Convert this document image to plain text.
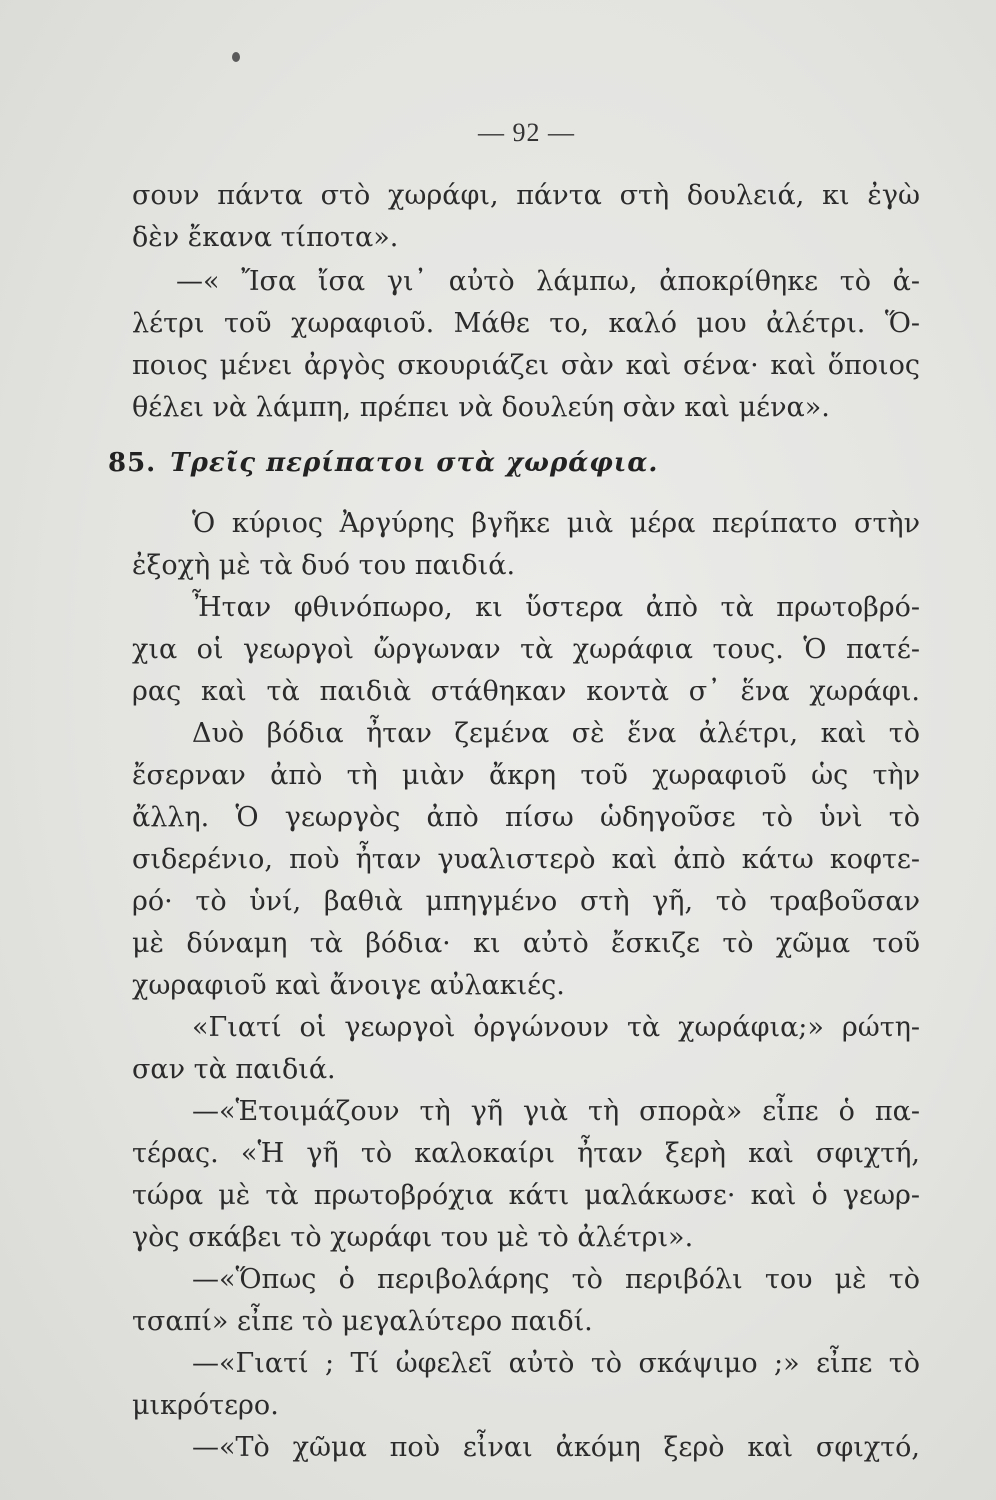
— 92 —
σουν πάντα στὸ χωράφι, πάντα στὴ δουλειά, κι ἐγὼ
δὲν ἔκανα τίποτα».
—« Ἴσα ἴσα γι᾽ αὐτὸ λάμπω, ἀποκρίθηκε τὸ ἀ-
λέτρι τοῦ χωραφιοῦ. Μάθε το, καλό μου ἀλέτρι. Ὅ-
ποιος μένει ἀργὸς σκουριάζει σὰν καὶ σένα· καὶ ὅποιος
θέλει νὰ λάμπη, πρέπει νὰ δουλεύη σὰν καὶ μένα».
85. Τρεῖς περίπατοι στὰ χωράφια.
Ὁ κύριος Ἀργύρης βγῆκε μιὰ μέρα περίπατο στὴν
ἐξοχὴ μὲ τὰ δυό του παιδιά.
Ἦταν φθινόπωρο, κι ὕστερα ἀπὸ τὰ πρωτοβρό-
χια οἱ γεωργοὶ ὤργωναν τὰ χωράφια τους. Ὁ πατέ-
ρας καὶ τὰ παιδιὰ στάθηκαν κοντὰ σ᾽ ἕνα χωράφι.
Δυὸ βόδια ἦταν ζεμένα σὲ ἕνα ἀλέτρι, καὶ τὸ
ἔσερναν ἀπὸ τὴ μιὰν ἄκρη τοῦ χωραφιοῦ ὡς τὴν
ἄλλη. Ὁ γεωργὸς ἀπὸ πίσω ὡδηγοῦσε τὸ ὑνὶ τὸ
σιδερένιο, ποὺ ἦταν γυαλιστερὸ καὶ ἀπὸ κάτω κοφτε-
ρό· τὸ ὑνί, βαθιὰ μπηγμένο στὴ γῆ, τὸ τραβοῦσαν
μὲ δύναμη τὰ βόδια· κι αὐτὸ ἔσκιζε τὸ χῶμα τοῦ
χωραφιοῦ καὶ ἄνοιγε αὐλακιές.
«Γιατί οἱ γεωργοὶ ὀργώνουν τὰ χωράφια;» ρώτη-
σαν τὰ παιδιά.
—«Ἑτοιμάζουν τὴ γῆ γιὰ τὴ σπορὰ» εἶπε ὁ πα-
τέρας. «Ἡ γῆ τὸ καλοκαίρι ἦταν ξερὴ καὶ σφιχτή,
τώρα μὲ τὰ πρωτοβρόχια κάτι μαλάκωσε· καὶ ὁ γεωρ-
γὸς σκάβει τὸ χωράφι του μὲ τὸ ἀλέτρι».
—«Ὅπως ὁ περιβολάρης τὸ περιβόλι του μὲ τὸ
τσαπί» εἶπε τὸ μεγαλύτερο παιδί.
—«Γιατί ; Τί ὠφελεῖ αὐτὸ τὸ σκάψιμο ;» εἶπε τὸ
μικρότερο.
—«Τὸ χῶμα ποὺ εἶναι ἀκόμη ξερὸ καὶ σφιχτό,
